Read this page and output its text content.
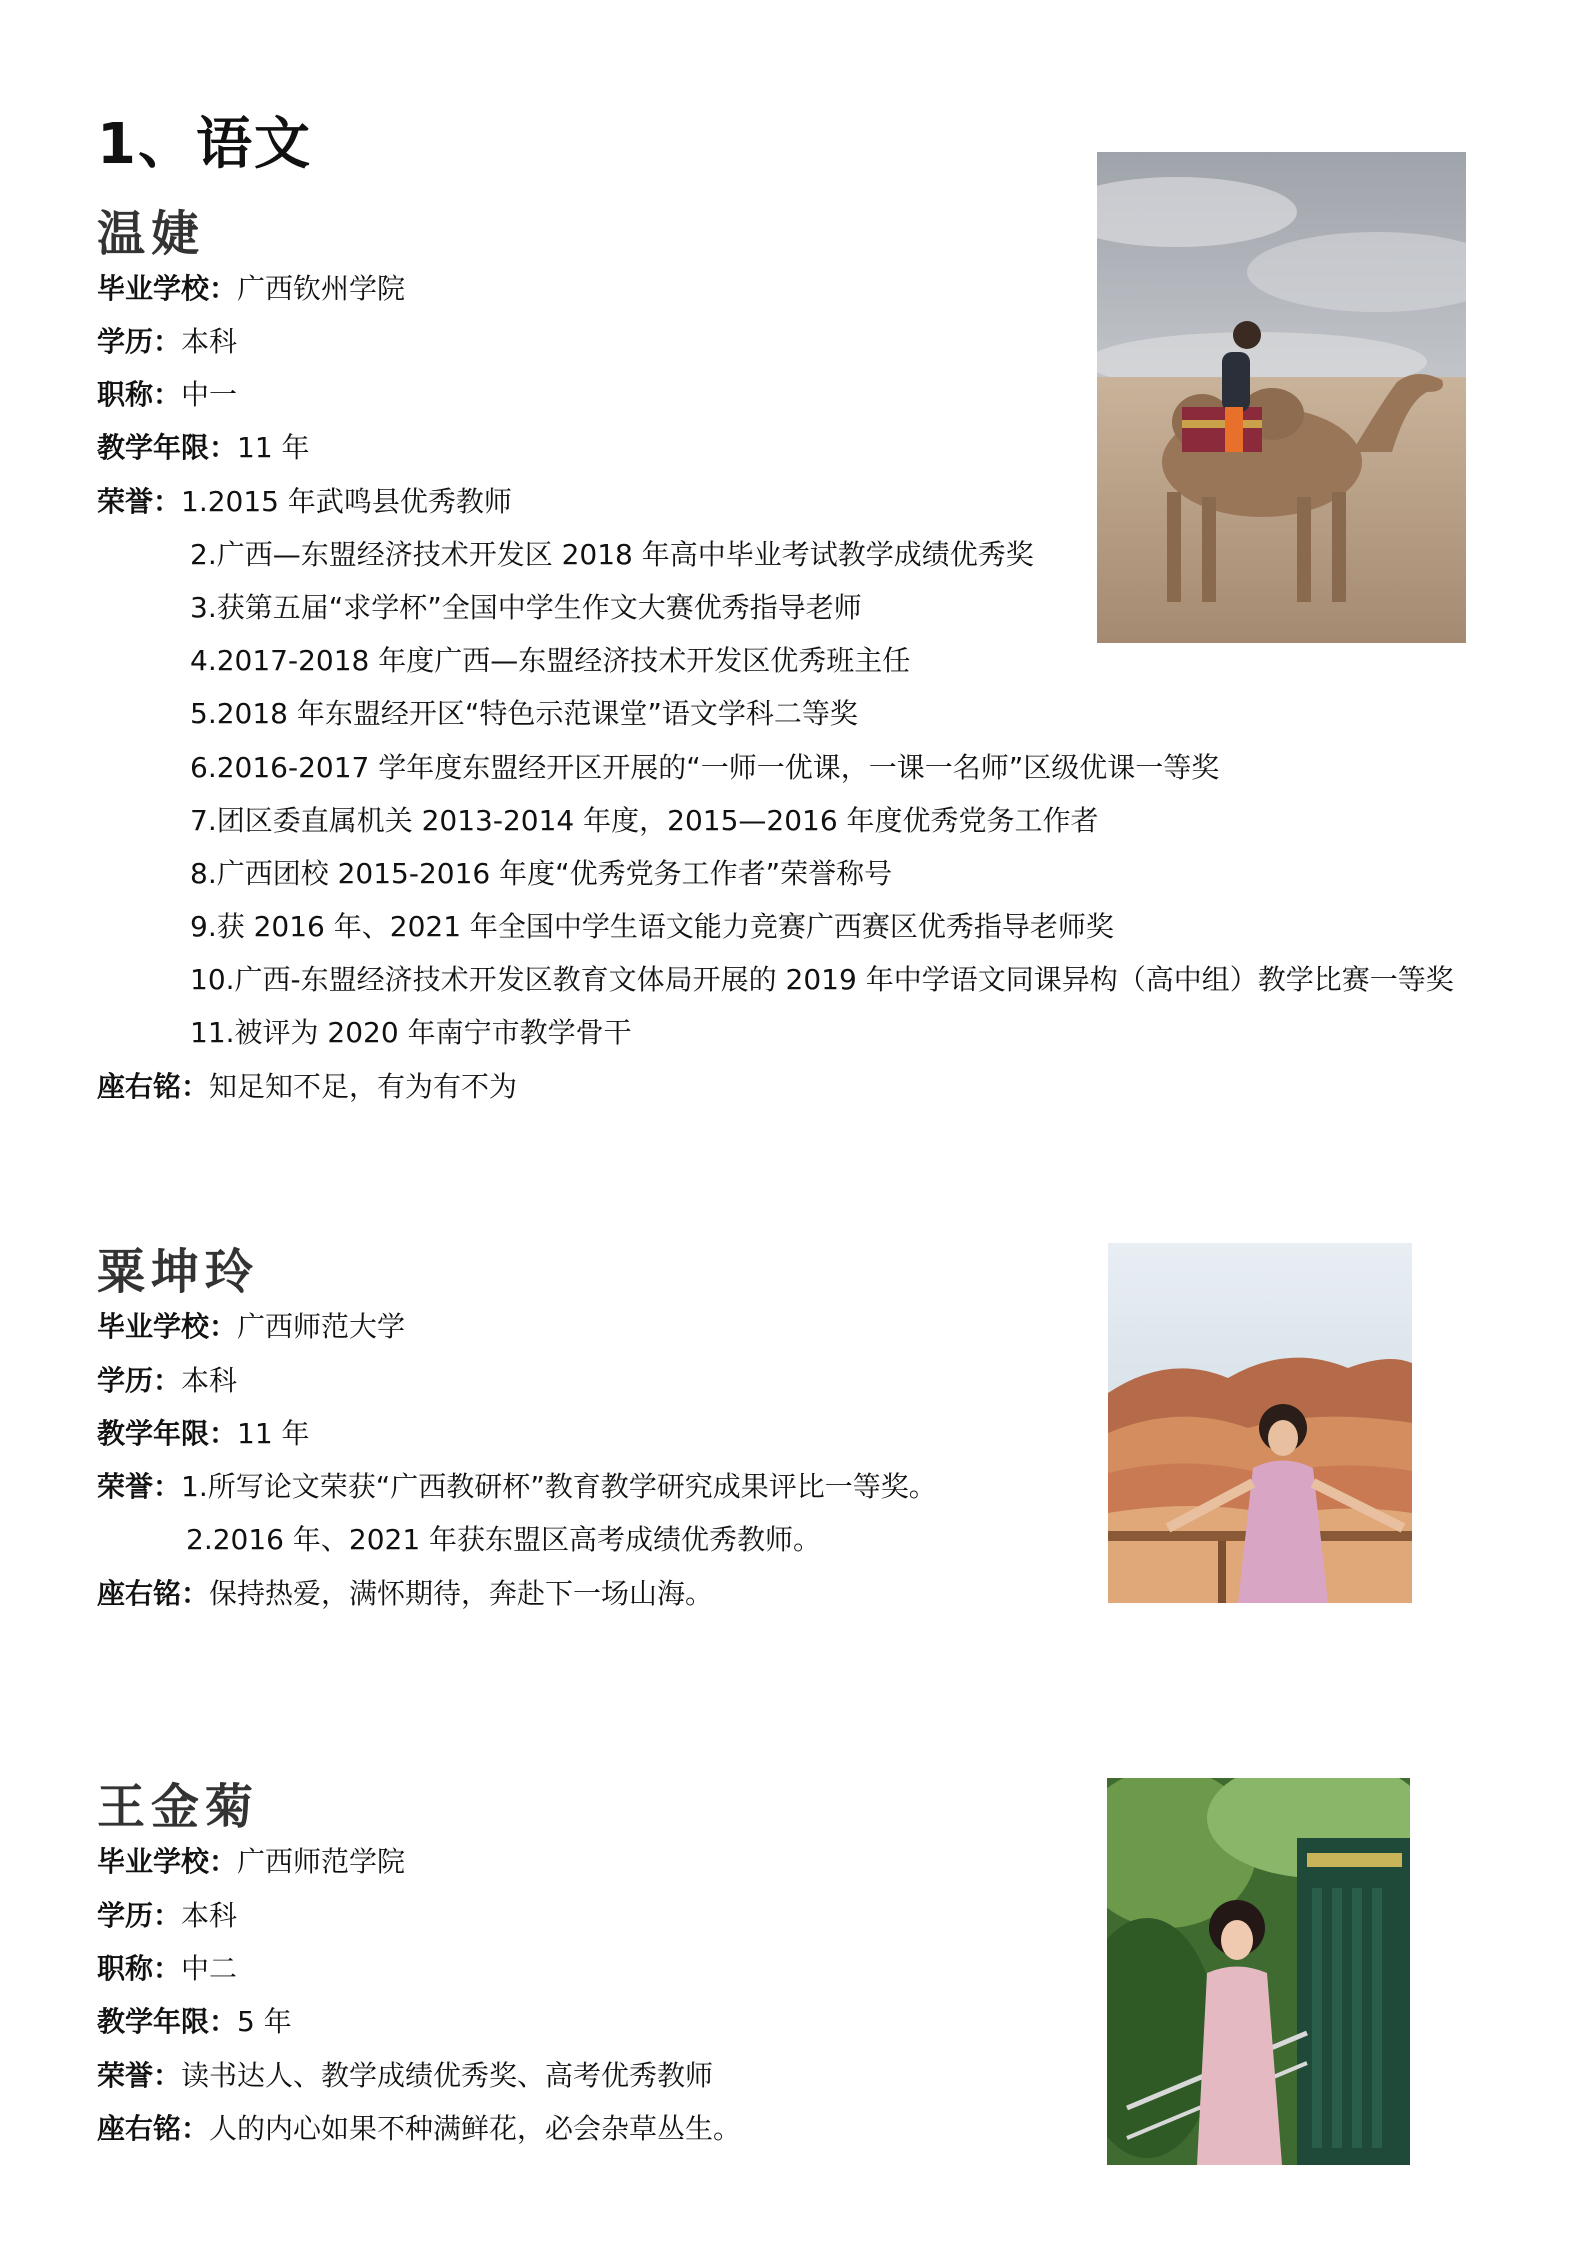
1、语文
温婕
毕业学校：广西钦州学院
学历：本科
职称：中一
教学年限：11 年
荣誉：1.2015 年武鸣县优秀教师
2.广西—东盟经济技术开发区 2018 年高中毕业考试教学成绩优秀奖
3.获第五届“求学杯”全国中学生作文大赛优秀指导老师
4.2017-2018 年度广西—东盟经济技术开发区优秀班主任
5.2018 年东盟经开区“特色示范课堂”语文学科二等奖
6.2016-2017 学年度东盟经开区开展的“一师一优课，一课一名师”区级优课一等奖
7.团区委直属机关 2013-2014 年度，2015—2016 年度优秀党务工作者
8.广西团校 2015-2016 年度“优秀党务工作者”荣誉称号
9.获 2016 年、2021 年全国中学生语文能力竞赛广西赛区优秀指导老师奖
10.广西-东盟经济技术开发区教育文体局开展的 2019 年中学语文同课异构（高中组）教学比赛一等奖
11.被评为 2020 年南宁市教学骨干
座右铭：知足知不足，有为有不为
粟坤玲
毕业学校：广西师范大学
学历：本科
教学年限：11 年
荣誉：1.所写论文荣获“广西教研杯”教育教学研究成果评比一等奖。
2.2016 年、2021 年获东盟区高考成绩优秀教师。
座右铭：保持热爱，满怀期待，奔赴下一场山海。
王金菊
毕业学校：广西师范学院
学历：本科
职称：中二
教学年限：5 年
荣誉：读书达人、教学成绩优秀奖、高考优秀教师
座右铭：人的内心如果不种满鲜花，必会杂草丛生。
